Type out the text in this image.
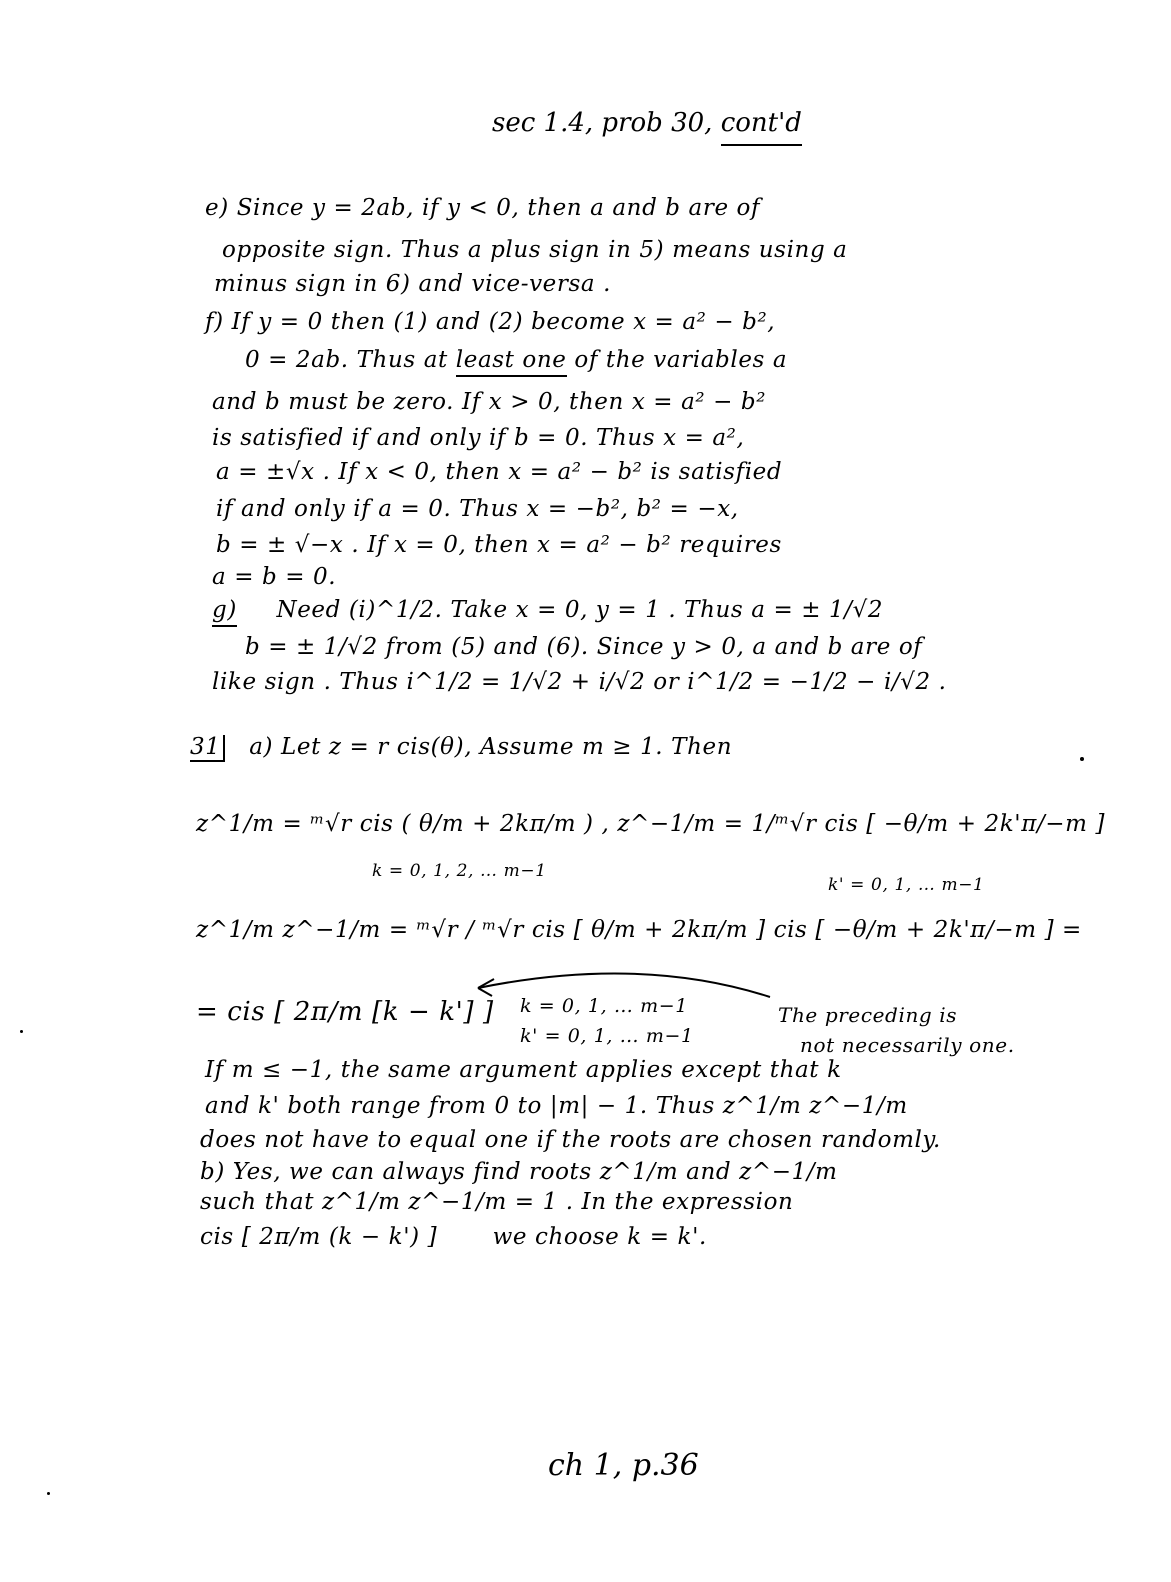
sec 1.4, prob 30, cont'd
e) Since y = 2ab, if y < 0, then a and b are of
opposite sign. Thus a plus sign in 5) means using a
minus sign in 6) and vice-versa .
f) If y = 0 then (1) and (2) become x = a² − b²,
0 = 2ab. Thus at least one of the variables a
and b must be zero. If x > 0, then x = a² − b²
is satisfied if and only if b = 0. Thus x = a²,
a = ±√x . If x < 0, then x = a² − b² is satisfied
if and only if a = 0. Thus x = −b², b² = −x,
b = ± √−x . If x = 0, then x = a² − b² requires
a = b = 0.
g) Need (i)^1/2. Take x = 0, y = 1 . Thus a = ± 1/√2
b = ± 1/√2 from (5) and (6). Since y > 0, a and b are of
like sign . Thus i^1/2 = 1/√2 + i/√2 or i^1/2 = −1/2 − i/√2 .
31 a) Let z = r cis(θ), Assume m ≥ 1. Then
z^1/m = ᵐ√r cis ( θ/m + 2kπ/m ) , z^−1/m = 1/ᵐ√r cis [ −θ/m + 2k'π/−m ]
k = 0, 1, 2, … m−1
k' = 0, 1, … m−1
z^1/m z^−1/m = ᵐ√r / ᵐ√r cis [ θ/m + 2kπ/m ] cis [ −θ/m + 2k'π/−m ] =
= cis [ 2π/m [k − k'] ] k = 0, 1, … m−1
k' = 0, 1, … m−1
The preceding is
not necessarily one.
If m ≤ −1, the same argument applies except that k
and k' both range from 0 to |m| − 1. Thus z^1/m z^−1/m
does not have to equal one if the roots are chosen randomly.
b) Yes, we can always find roots z^1/m and z^−1/m
such that z^1/m z^−1/m = 1 . In the expression
cis [ 2π/m (k − k') ] we choose k = k'.
ch 1, p.36
